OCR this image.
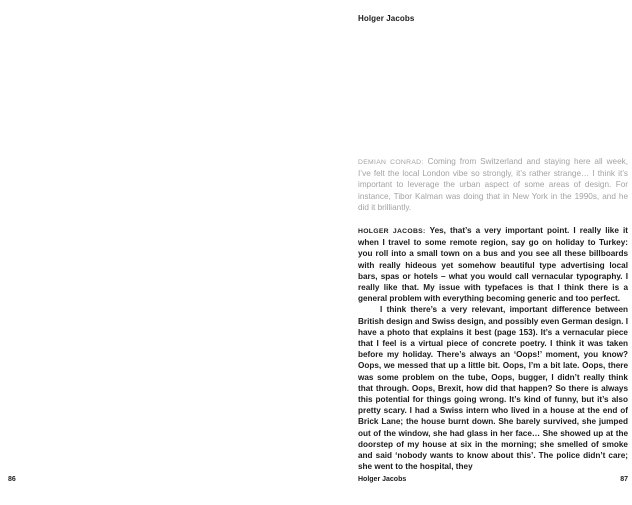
Holger Jacobs

DEMIAN CONRAD: Coming from Switzerland and staying here all week, I’ve felt the local London vibe so strongly, it’s rather strange… I think it’s important to leverage the urban aspect of some areas of design. For instance, Tibor Kalman was doing that in New York in the 1990s, and he did it brilliantly.

HOLGER JACOBS: Yes, that’s a very important point. I really like it when I travel to some remote region, say go on holiday to Turkey: you roll into a small town on a bus and you see all these billboards with really hideous yet somehow beautiful type advertising local bars, spas or hotels – what you would call vernacular typography. I really like that. My issue with typefaces is that I think there is a general problem with everything becoming generic and too perfect.

I think there’s a very relevant, important difference between British design and Swiss design, and possibly even German design. I have a photo that explains it best (page 153). It’s a vernacular piece that I feel is a virtual piece of concrete poetry. I think it was taken before my holiday. There’s always an ‘Oops!’ moment, you know? Oops, we messed that up a little bit. Oops, I’m a bit late. Oops, there was some problem on the tube, Oops, bugger, I didn’t really think that through. Oops, Brexit, how did that happen? So there is always this potential for things going wrong. It’s kind of funny, but it’s also pretty scary. I had a Swiss intern who lived in a house at the end of Brick Lane; the house burnt down. She barely survived, she jumped out of the window, she had glass in her face… She showed up at the doorstep of my house at six in the morning; she smelled of smoke and said ‘nobody wants to know about this’. The police didn’t care; she went to the hospital, they

86	Holger Jacobs	87
